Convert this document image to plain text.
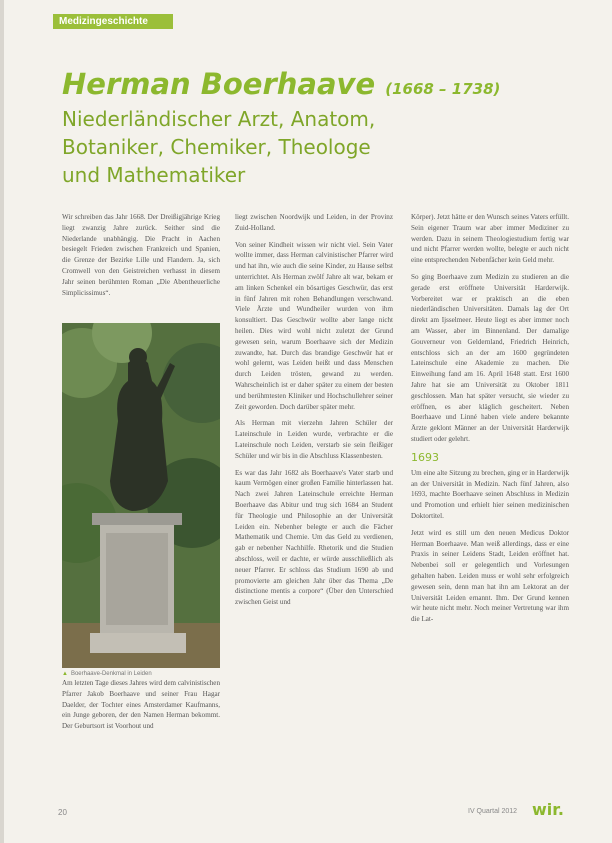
Medizingeschichte
Herman Boerhaave (1668 – 1738)
Niederländischer Arzt, Anatom,
Botaniker, Chemiker, Theologe
und Mathematiker

Wir schreiben das Jahr 1668. Der Dreißigjährige Krieg liegt zwanzig Jahre zurück. Seither sind die Niederlande unabhängig. Die Pracht in Aachen besiegelt Frieden zwischen Frankreich und Spanien, die Grenze der Bezirke Lille und Flandern. Ja, sich Cromwell von den Geistreichen verhasst in diesem Jahr seinen berühmten Roman „Die Abentheuerliche Simplicissimus“.

Am letzten Tage dieses Jahres wird dem calvinistischen Pfarrer Jakob Boerhaave und seiner Frau Hagar Daelder, der Tochter eines Amsterdamer Kaufmanns, ein Junge geboren, der den Namen Herman bekommt. Der Geburtsort ist Voorhout und

▲ Boerhaave-Denkmal in Leiden

liegt zwischen Noordwijk und Leiden, in der Provinz Zuid-Holland.

Von seiner Kindheit wissen wir nicht viel. Sein Vater wollte immer, dass Herman calvinistischer Pfarrer wird und hat ihn, wie auch die seine Kinder, zu Hause selbst unterrichtet. Als Herman zwölf Jahre alt war, bekam er am linken Schenkel ein bösartiges Geschwür, das erst in fünf Jahren mit rohen Behandlungen verschwand. Viele Ärzte und Wundheiler wurden von ihm konsultiert. Das Geschwür wollte aber lange nicht heilen. Dies wird wohl nicht zuletzt der Grund gewesen sein, warum Boerhaave sich der Medizin zuwandte, hat. Durch das brandige Geschwür hat er wohl gelernt, was Leiden heißt und dass Menschen durch Leiden trösten, gewand zu werden. Wahrscheinlich ist er daher später zu einem der besten und berühmtesten Kliniker und Hochschullehrer seiner Zeit geworden. Doch darüber später mehr.

Als Herman mit vierzehn Jahren Schüler der Lateinschule in Leiden wurde, verbrachte er die Lateinschule noch Leiden, verstarb sie sein fleißiger Schüler und wir bis in die Abschluss Klassenbesten.

Es war das Jahr 1682 als Boerhaave's Vater starb und kaum Vermögen einer großen Familie hinterlassen hat. Nach zwei Jahren Lateinschule erreichte Herman Boerhaave das Abitur und trug sich 1684 an Student für Theologie und Philosophie an der Universität Leiden ein. Nebenher belegte er auch die Fächer Mathematik und Chemie. Um das Geld zu verdienen, gab er nebenher Nachhilfe. Rhetorik und die Studien abschloss, weil er dachte, er würde ausschließlich als neuer Pfarrer. Er schloss das Studium 1690 ab und promovierte am gleichen Jahr über das Thema „De distinctione mentis a corpore“ (Über den Unterschied zwischen Geist und

Körper). Jetzt hätte er den Wunsch seines Vaters erfüllt. Sein eigener Traum war aber immer Mediziner zu werden. Dazu in seinem Theologiestudium fertig war und nicht Pfarrer werden wollte, belegte er auch nicht eine entsprechenden Nebenfächer kein Geld mehr.

So ging Boerhaave zum Medizin zu studieren an die gerade erst eröffnete Universität Harderwijk. Vorbereitet war er praktisch an die eben niederländischen Universitäten. Damals lag der Ort direkt am Ijsselmeer. Heute liegt es aber immer noch am Wasser, aber im Binnenland. Der damalige Gouverneur von Geldernland, Friedrich Heinrich, entschloss sich an der am 1600 gegründeten Lateinschule eine Akademie zu machen. Die Einweihung fand am 16. April 1648 statt. Erst 1600 Jahre hat sie am Universität zu Oktober 1811 geschlossen. Man hat später versucht, sie wieder zu eröffnen, es aber kläglich gescheitert. Neben Boerhaave und Linné haben viele andere bekannte Ärzte geklont Männer an der Universität Harderwijk studiert oder gelehrt.

1693

Um eine alte Sitzung zu brechen, ging er in Harderwijk an der Universität in Medizin. Nach fünf Jahren, also 1693, machte Boerhaave seinen Abschluss in Medizin und Promotion und erhielt hier seinen medizinischen Doktortitel.

Jetzt wird es still um den neuen Medicus Doktor Herman Boerhaave. Man weiß allerdings, dass er eine Praxis in seiner Leidens Stadt, Leiden eröffnet hat. Nebenbei soll er gelegentlich und Vorlesungen gehalten haben. Leiden muss er wohl sehr erfolgreich gewesen sein, denn man hat ihn am Lektorat an der Universität Leiden ernannt. Ihm. Der Grund kennen wir heute nicht mehr. Noch meiner Vertretung war ihm die Lat-

20	IV Quartal 2012 wir.
